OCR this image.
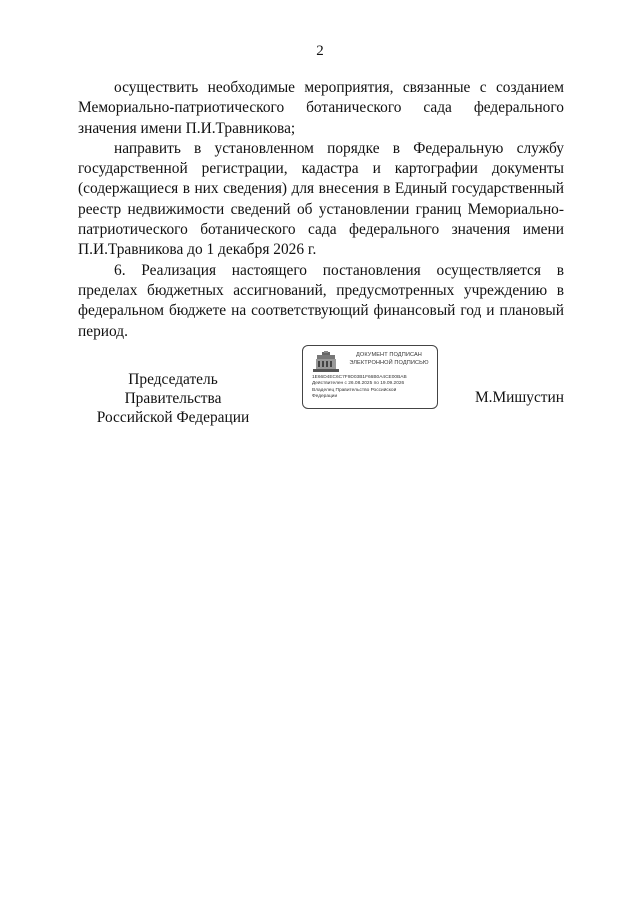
2

осуществить необходимые мероприятия, связанные с созданием Мемориально-патриотического ботанического сада федерального значения имени П.И.Травникова;

направить в установленном порядке в Федеральную службу государственной регистрации, кадастра и картографии документы (содержащиеся в них сведения) для внесения в Единый государственный реестр недвижимости сведений об установлении границ Мемориально-патриотического ботанического сада федерального значения имени П.И.Травникова до 1 декабря 2026 г.

6. Реализация настоящего постановления осуществляется в пределах бюджетных ассигнований, предусмотренных учреждению в федеральном бюджете на соответствующий финансовый год и плановый период.

Председатель Правительства
Российской Федерации
ДОКУМЕНТ ПОДПИСАН
ЭЛЕКТРОННОЙ ПОДПИСЬЮ
1E66D4EC6C7F9D03B1F66B0A4CE00BAB
Действителен с 26.08.2025 по 19.09.2026
Владелец Правительство Российской
Федерации	М.Мишустин
